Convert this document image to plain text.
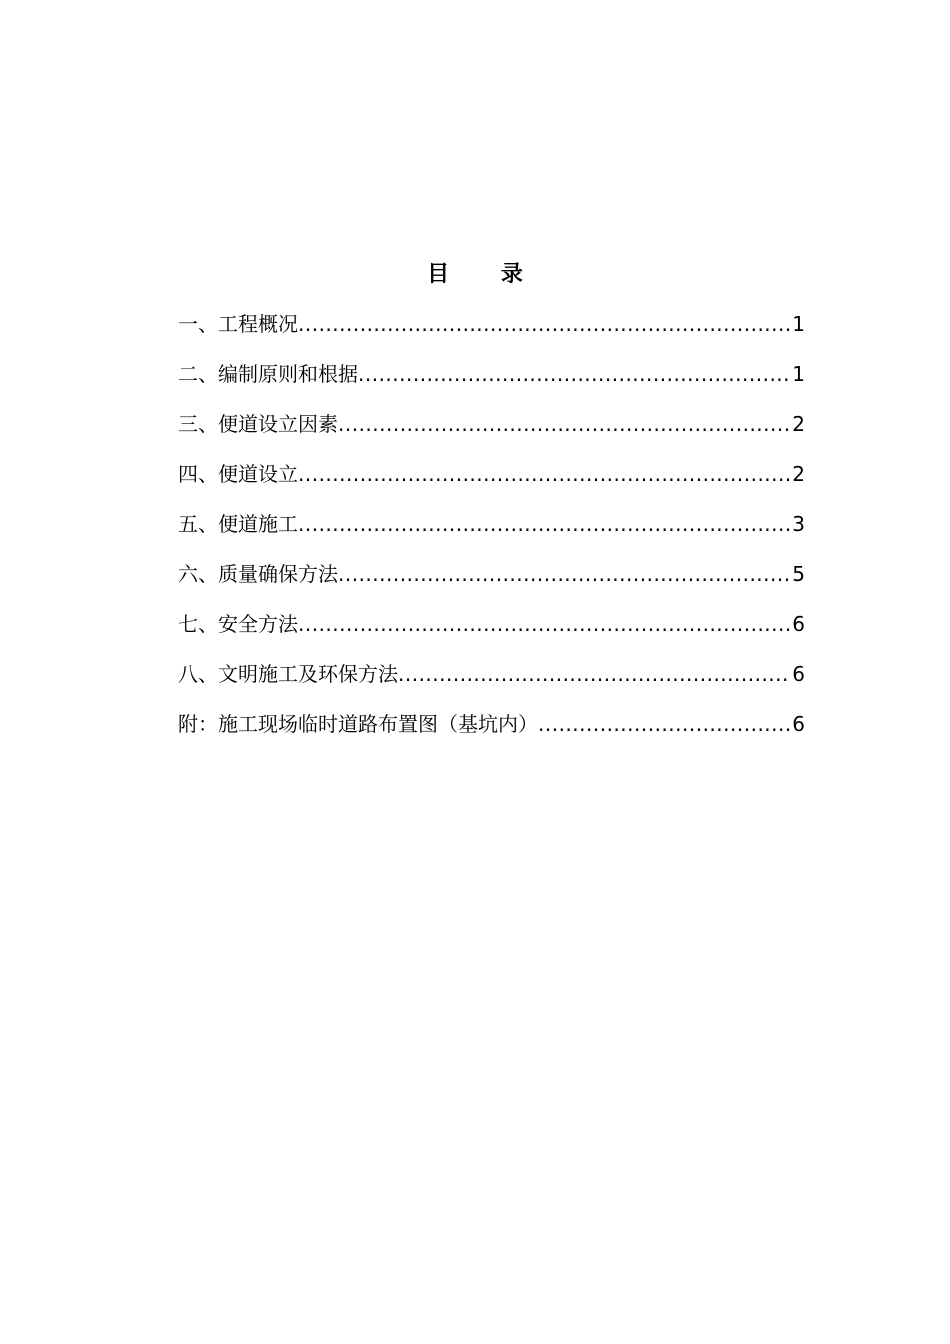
目 录
一、工程概况 .....	1
二、编制原则和根据 .....	1
三、便道设立因素 .....	2
四、便道设立 .....	2
五、便道施工 .....	3
六、质量确保方法 .....	5
七、安全方法 .....	6
八、文明施工及环保方法 .....	6
附：施工现场临时道路布置图（基坑内） .....	6
